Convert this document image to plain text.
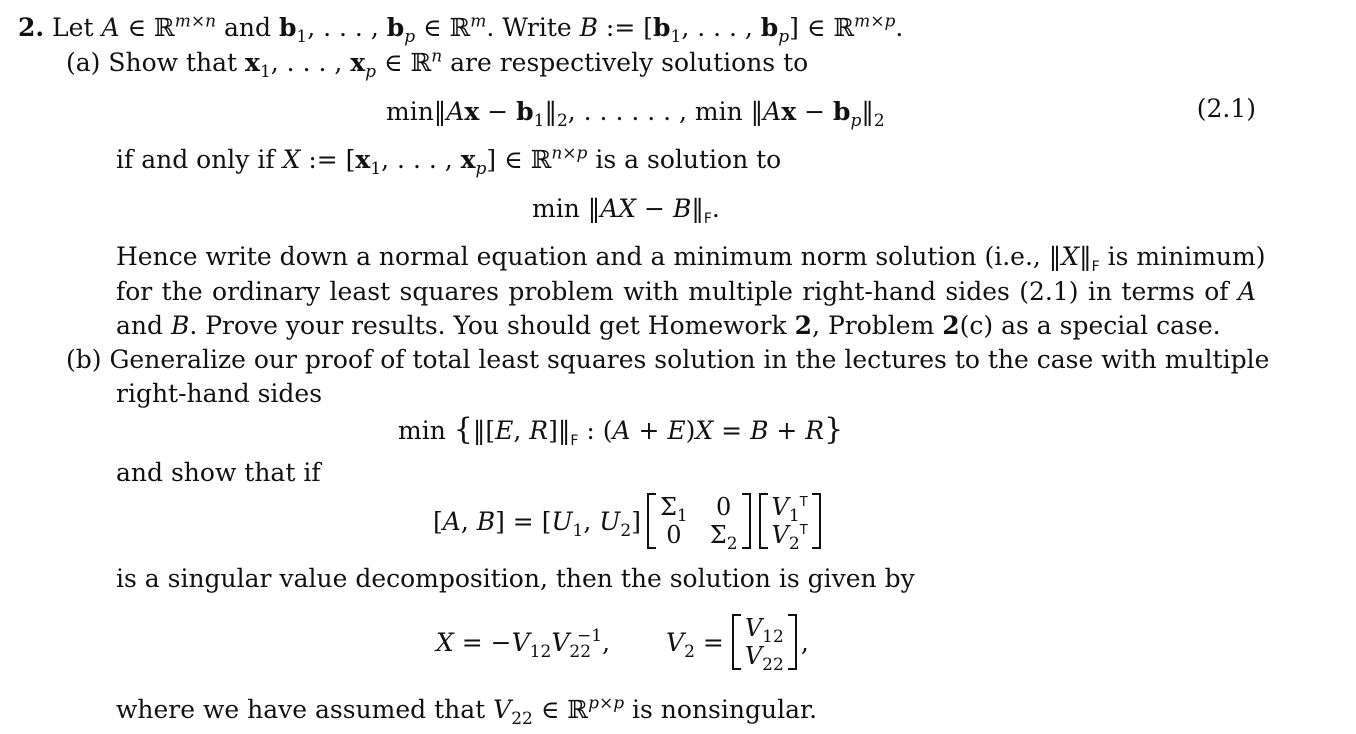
2. Let A ∈ ℝ$^{m\times n}$ and $b_1$, . . . , $b_p$ ∈ ℝ$^m$. Write B := [$b_1$, . . . , $b_p$] ∈ ℝ$^{m\times p}$.
(a) Show that $x_1$, . . . , $x_p$ ∈ ℝ$^n$ are respectively solutions to
min‖Ax − $b_1‖_2$, . . . . . . , min ‖Ax − $b_p‖_2$	(2.1)
if and only if X := [$x_1$, . . . , $x_p$] ∈ ℝ$^{n\times p}$ is a solution to
min ‖AX − $B‖_F$.
Hence write down a normal equation and a minimum norm solution (i.e., $‖X‖_F$ is minimum)
for the ordinary least squares problem with multiple right-hand sides (2.1) in terms of A
and B. Prove your results. You should get Homework 2, Problem 2(c) as a special case.
(b) Generalize our proof of total least squares solution in the lectures to the case with multiple
right-hand sides
min {‖[E, $R]‖_F$ : (A + E)X = B + R}
and show that if
[A, $B] = [U_1$, $U_2$] $\Sigma_1$ 0
0 $\Sigma_2$
$V_1^T$
$V_2^T$
is a singular value decomposition, then the solution is given by
$X = -V_{12}V_{22}^{-1}$, $V_2 = V_{12}$
$V_{22}$
,
where we have assumed that $V_{22}$ ∈ ℝ$^{p\times p}$ is nonsingular.
